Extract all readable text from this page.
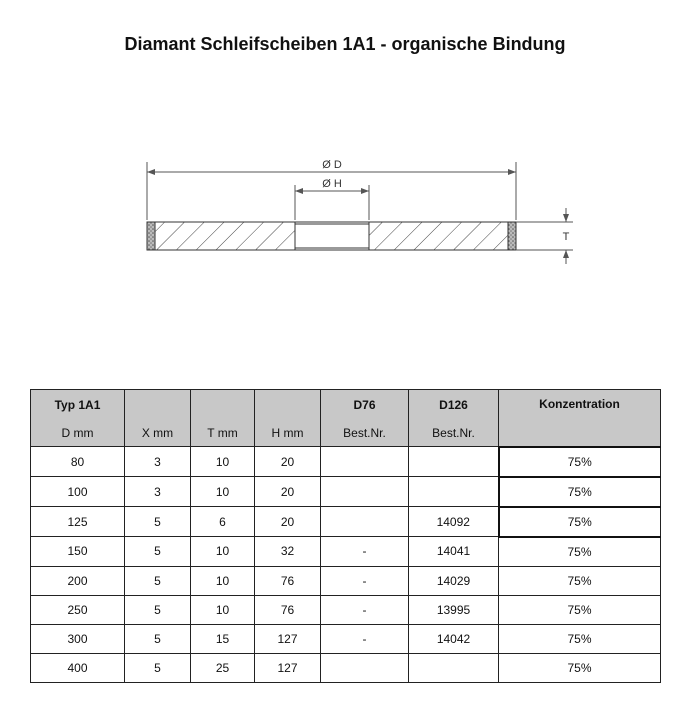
Diamant Schleifscheiben 1A1 - organische Bindung
Ø D
Ø H
T
Typ 1A1				D76	D126	Konzentration
D mm	X mm	T mm	H mm	Best.Nr.	Best.Nr.	
80	3	10	20			75%
100	3	10	20			75%
125	5	6	20		14092	75%
150	5	10	32	-	14041	75%
200	5	10	76	-	14029	75%
250	5	10	76	-	13995	75%
300	5	15	127	-	14042	75%
400	5	25	127			75%
